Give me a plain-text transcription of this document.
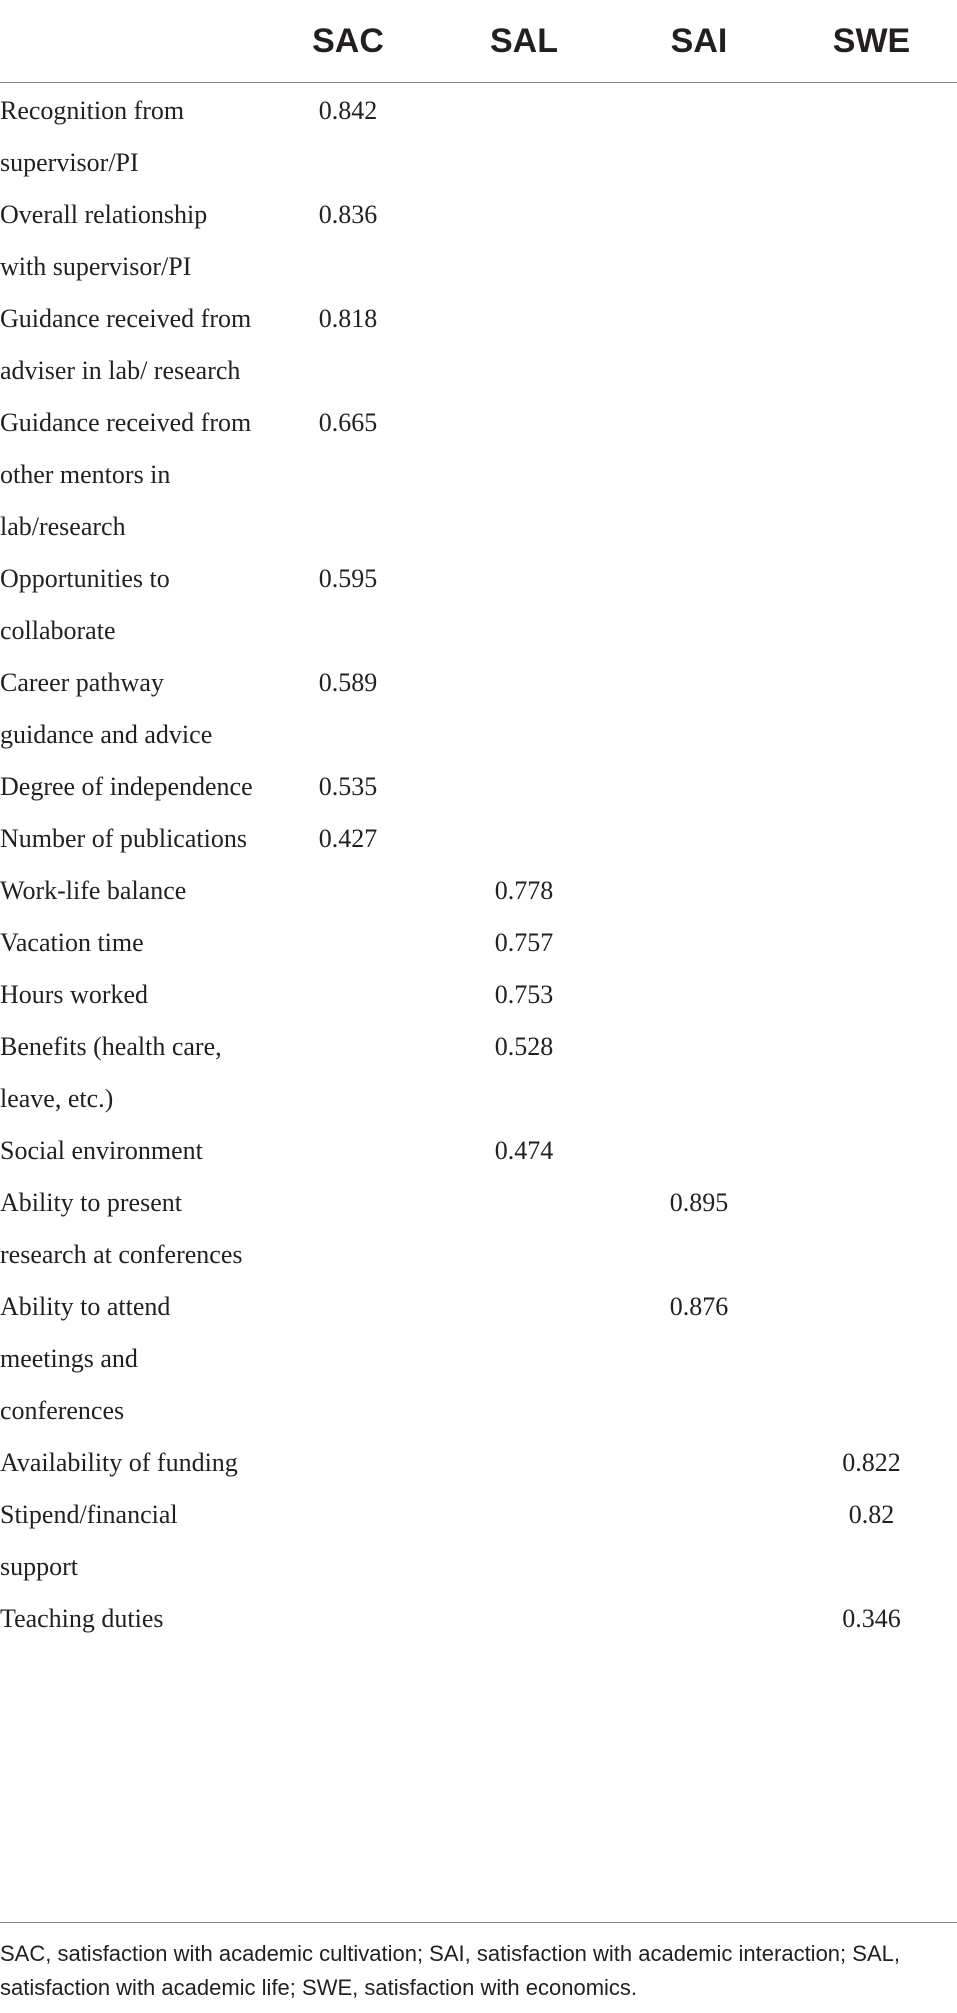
	SAC	SAL	SAI	SWE
Recognition from supervisor/PI	0.842			
Overall relationship with supervisor/PI	0.836			
Guidance received from adviser in lab/ research	0.818			
Guidance received from other mentors in lab/research	0.665			
Opportunities to collaborate	0.595			
Career pathway guidance and advice	0.589			
Degree of independence	0.535			
Number of publications	0.427			
Work-life balance		0.778		
Vacation time		0.757		
Hours worked		0.753		
Benefits (health care, leave, etc.)		0.528		
Social environment		0.474		
Ability to present research at conferences			0.895	
Ability to attend meetings and conferences			0.876	
Availability of funding				0.822
Stipend/financial support				0.82
Teaching duties				0.346
SAC, satisfaction with academic cultivation; SAI, satisfaction with academic interaction; SAL, satisfaction with academic life; SWE, satisfaction with economics.
